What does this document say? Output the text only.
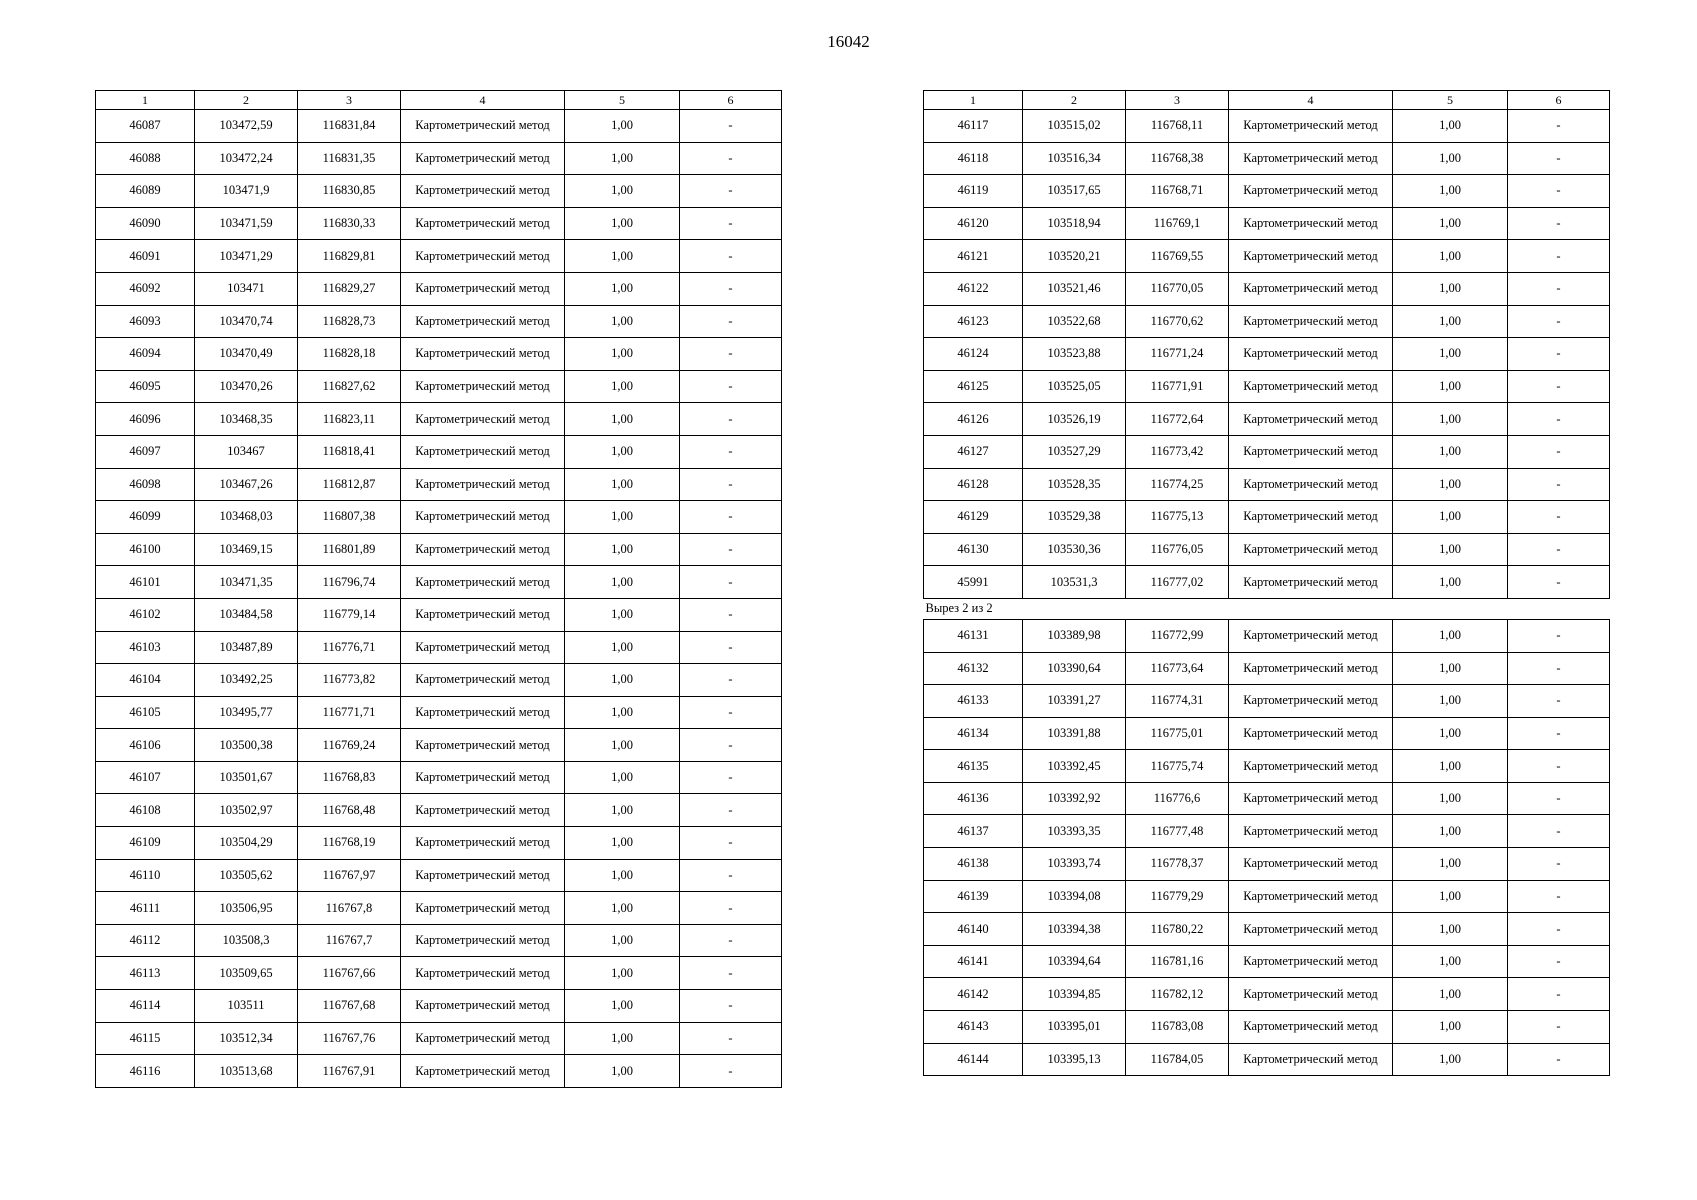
16042
1	2	3	4	5	6
46087	103472,59	116831,84	Картометрический метод	1,00	-
46088	103472,24	116831,35	Картометрический метод	1,00	-
46089	103471,9	116830,85	Картометрический метод	1,00	-
46090	103471,59	116830,33	Картометрический метод	1,00	-
46091	103471,29	116829,81	Картометрический метод	1,00	-
46092	103471	116829,27	Картометрический метод	1,00	-
46093	103470,74	116828,73	Картометрический метод	1,00	-
46094	103470,49	116828,18	Картометрический метод	1,00	-
46095	103470,26	116827,62	Картометрический метод	1,00	-
46096	103468,35	116823,11	Картометрический метод	1,00	-
46097	103467	116818,41	Картометрический метод	1,00	-
46098	103467,26	116812,87	Картометрический метод	1,00	-
46099	103468,03	116807,38	Картометрический метод	1,00	-
46100	103469,15	116801,89	Картометрический метод	1,00	-
46101	103471,35	116796,74	Картометрический метод	1,00	-
46102	103484,58	116779,14	Картометрический метод	1,00	-
46103	103487,89	116776,71	Картометрический метод	1,00	-
46104	103492,25	116773,82	Картометрический метод	1,00	-
46105	103495,77	116771,71	Картометрический метод	1,00	-
46106	103500,38	116769,24	Картометрический метод	1,00	-
46107	103501,67	116768,83	Картометрический метод	1,00	-
46108	103502,97	116768,48	Картометрический метод	1,00	-
46109	103504,29	116768,19	Картометрический метод	1,00	-
46110	103505,62	116767,97	Картометрический метод	1,00	-
46111	103506,95	116767,8	Картометрический метод	1,00	-
46112	103508,3	116767,7	Картометрический метод	1,00	-
46113	103509,65	116767,66	Картометрический метод	1,00	-
46114	103511	116767,68	Картометрический метод	1,00	-
46115	103512,34	116767,76	Картометрический метод	1,00	-
46116	103513,68	116767,91	Картометрический метод	1,00	-
1	2	3	4	5	6
46117	103515,02	116768,11	Картометрический метод	1,00	-
46118	103516,34	116768,38	Картометрический метод	1,00	-
46119	103517,65	116768,71	Картометрический метод	1,00	-
46120	103518,94	116769,1	Картометрический метод	1,00	-
46121	103520,21	116769,55	Картометрический метод	1,00	-
46122	103521,46	116770,05	Картометрический метод	1,00	-
46123	103522,68	116770,62	Картометрический метод	1,00	-
46124	103523,88	116771,24	Картометрический метод	1,00	-
46125	103525,05	116771,91	Картометрический метод	1,00	-
46126	103526,19	116772,64	Картометрический метод	1,00	-
46127	103527,29	116773,42	Картометрический метод	1,00	-
46128	103528,35	116774,25	Картометрический метод	1,00	-
46129	103529,38	116775,13	Картометрический метод	1,00	-
46130	103530,36	116776,05	Картометрический метод	1,00	-
45991	103531,3	116777,02	Картометрический метод	1,00	-
Вырез 2 из 2					
46131	103389,98	116772,99	Картометрический метод	1,00	-
46132	103390,64	116773,64	Картометрический метод	1,00	-
46133	103391,27	116774,31	Картометрический метод	1,00	-
46134	103391,88	116775,01	Картометрический метод	1,00	-
46135	103392,45	116775,74	Картометрический метод	1,00	-
46136	103392,92	116776,6	Картометрический метод	1,00	-
46137	103393,35	116777,48	Картометрический метод	1,00	-
46138	103393,74	116778,37	Картометрический метод	1,00	-
46139	103394,08	116779,29	Картометрический метод	1,00	-
46140	103394,38	116780,22	Картометрический метод	1,00	-
46141	103394,64	116781,16	Картометрический метод	1,00	-
46142	103394,85	116782,12	Картометрический метод	1,00	-
46143	103395,01	116783,08	Картометрический метод	1,00	-
46144	103395,13	116784,05	Картометрический метод	1,00	-
